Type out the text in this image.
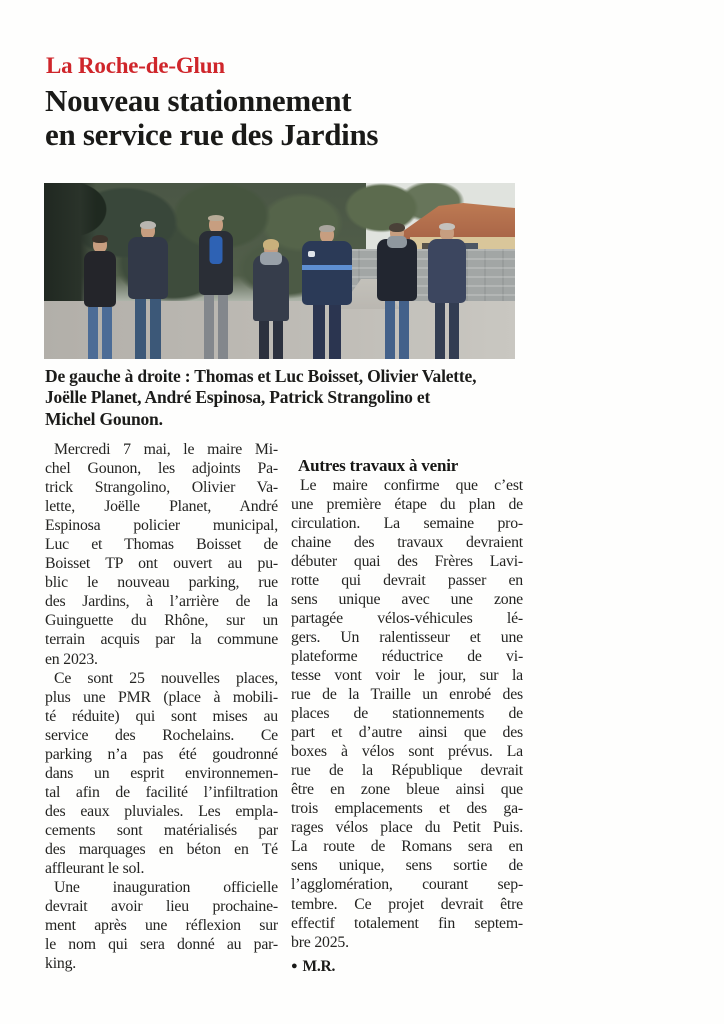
La Roche-de-Glun
Nouveau stationnement
en service rue des Jardins
De gauche à droite : Thomas et Luc Boisset, Olivier Valette,
Joëlle Planet, André Espinosa, Patrick Strangolino et
Michel Gounon.
Mercredi 7 mai, le maire Mi-
chel Gounon, les adjoints Pa-
trick Strangolino, Olivier Va-
lette, Joëlle Planet, André
Espinosa policier municipal,
Luc et Thomas Boisset de
Boisset TP ont ouvert au pu-
blic le nouveau parking, rue
des Jardins, à l’arrière de la
Guinguette du Rhône, sur un
terrain acquis par la commune
en 2023.
Ce sont 25 nouvelles places,
plus une PMR (place à mobili-
té réduite) qui sont mises au
service des Rochelains. Ce
parking n’a pas été goudronné
dans un esprit environnemen-
tal afin de facilité l’infiltration
des eaux pluviales. Les empla-
cements sont matérialisés par
des marquages en béton en Té
affleurant le sol.
Une inauguration officielle
devrait avoir lieu prochaine-
ment après une réflexion sur
le nom qui sera donné au par-
king.
Autres travaux à venir
Le maire confirme que c’est
une première étape du plan de
circulation. La semaine pro-
chaine des travaux devraient
débuter quai des Frères Lavi-
rotte qui devrait passer en
sens unique avec une zone
partagée vélos-véhicules lé-
gers. Un ralentisseur et une
plateforme réductrice de vi-
tesse vont voir le jour, sur la
rue de la Traille un enrobé des
places de stationnements de
part et d’autre ainsi que des
boxes à vélos sont prévus. La
rue de la République devrait
être en zone bleue ainsi que
trois emplacements et des ga-
rages vélos place du Petit Puis.
La route de Romans sera en
sens unique, sens sortie de
l’agglomération, courant sep-
tembre. Ce projet devrait être
effectif totalement fin septem-
bre 2025.
● M.R.
